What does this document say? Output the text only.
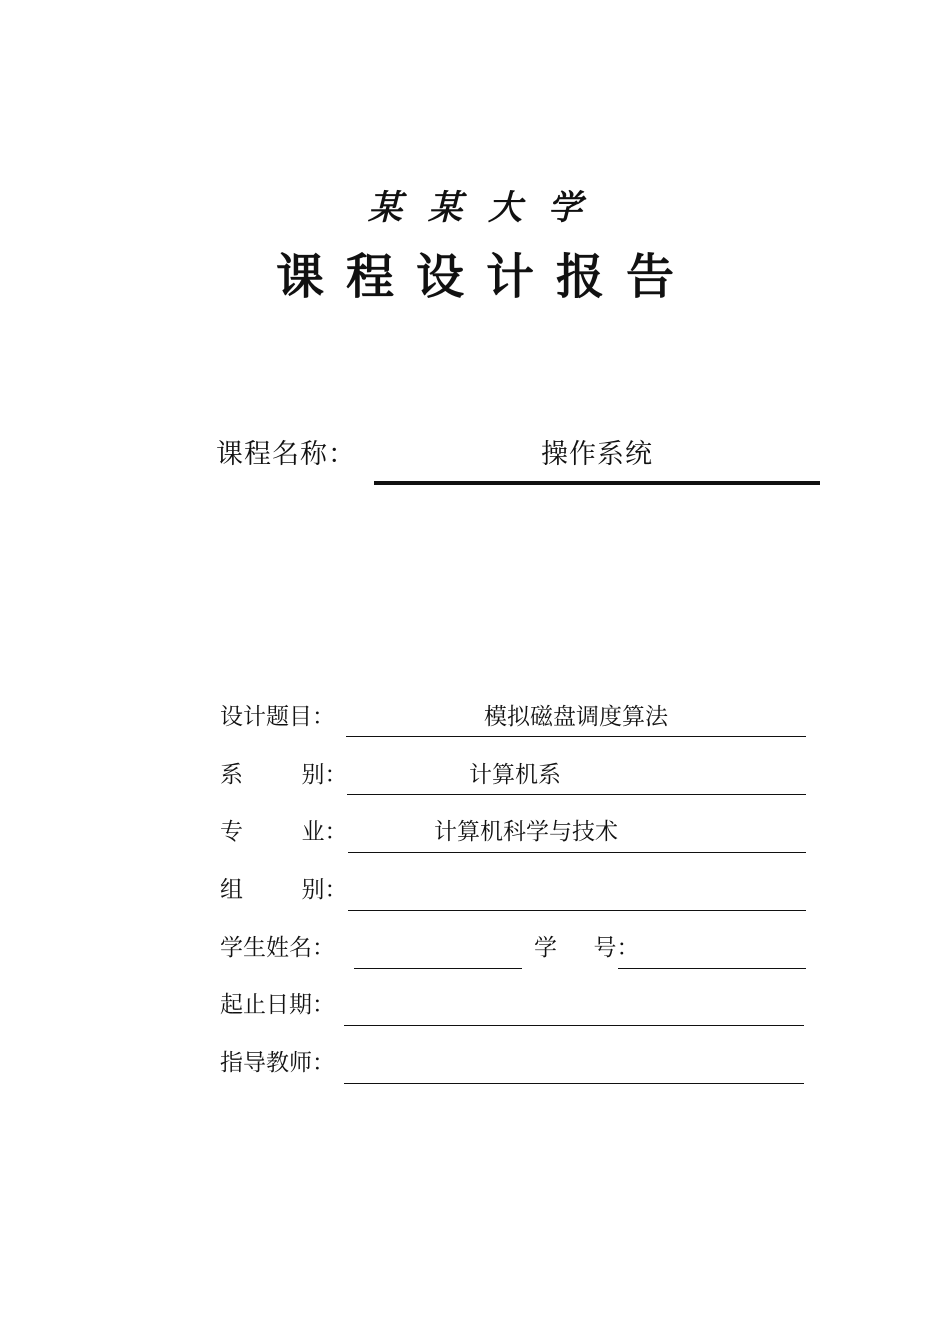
某某大学
课程设计报告
课程名称：	操作系统
设计题目：	模拟磁盘调度算法
系        别：	计算机系
专        业：	计算机科学与技术
组        别：
学生姓名：	学     号：
起止日期：
指导教师：
